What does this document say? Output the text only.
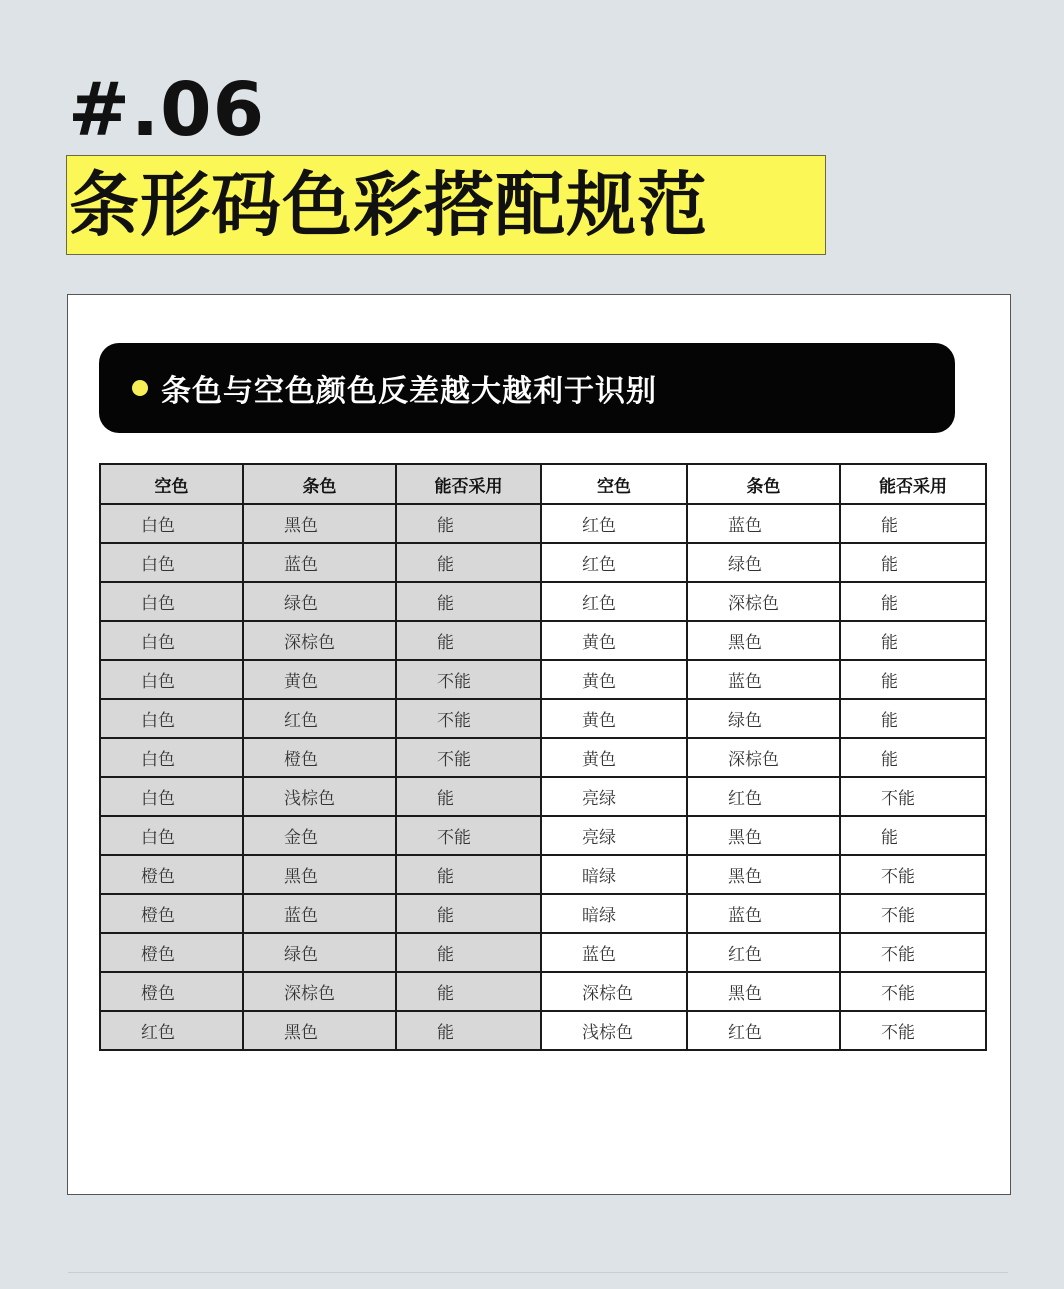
#.06
条形码色彩搭配规范
条色与空色颜色反差越大越利于识别
空色	条色	能否采用	空色	条色	能否采用
白色	黑色	能	红色	蓝色	能
白色	蓝色	能	红色	绿色	能
白色	绿色	能	红色	深棕色	能
白色	深棕色	能	黄色	黑色	能
白色	黄色	不能	黄色	蓝色	能
白色	红色	不能	黄色	绿色	能
白色	橙色	不能	黄色	深棕色	能
白色	浅棕色	能	亮绿	红色	不能
白色	金色	不能	亮绿	黑色	能
橙色	黑色	能	暗绿	黑色	不能
橙色	蓝色	能	暗绿	蓝色	不能
橙色	绿色	能	蓝色	红色	不能
橙色	深棕色	能	深棕色	黑色	不能
红色	黑色	能	浅棕色	红色	不能
